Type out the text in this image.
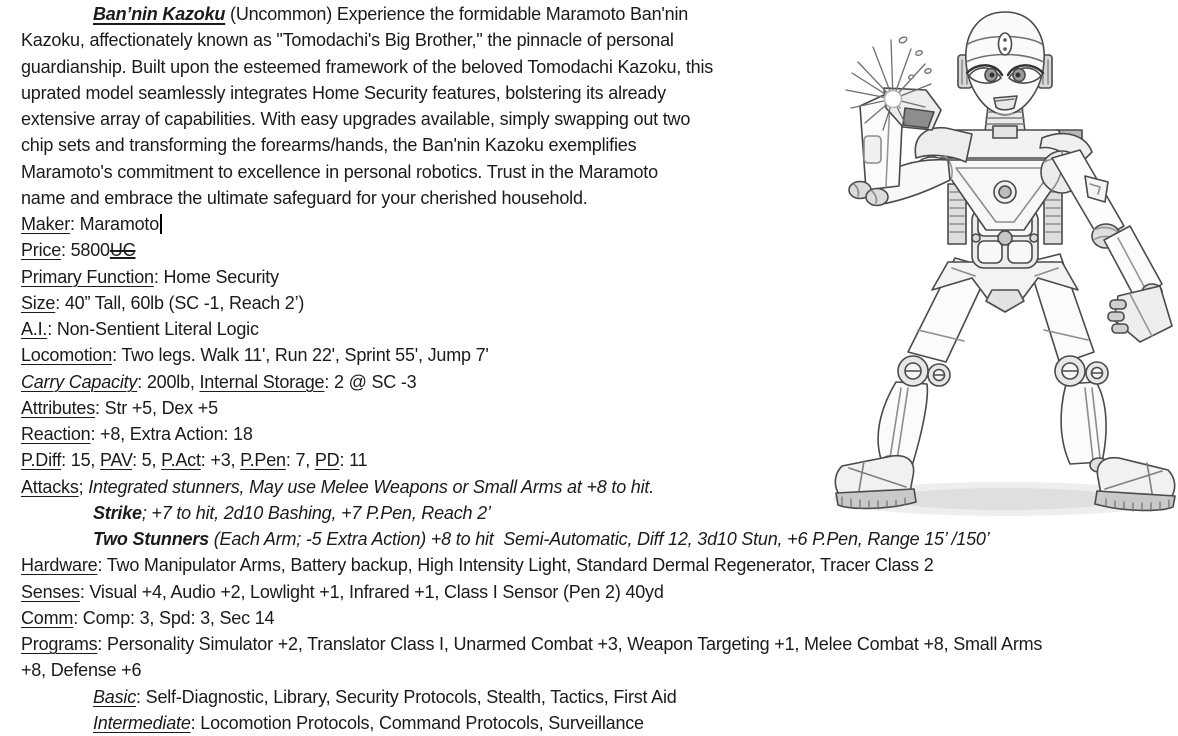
Ban’nin Kazoku (Uncommon) Experience the formidable Maramoto Ban'nin
Kazoku, affectionately known as "Tomodachi's Big Brother," the pinnacle of personal
guardianship. Built upon the esteemed framework of the beloved Tomodachi Kazoku, this
uprated model seamlessly integrates Home Security features, bolstering its already
extensive array of capabilities. With easy upgrades available, simply swapping out two
chip sets and transforming the forearms/hands, the Ban'nin Kazoku exemplifies
Maramoto's commitment to excellence in personal robotics. Trust in the Maramoto
name and embrace the ultimate safeguard for your cherished household.
Maker: Maramoto
Price: 5800UC
Primary Function: Home Security
Size: 40” Tall, 60lb (SC -1, Reach 2’)
A.I.: Non-Sentient Literal Logic
Locomotion: Two legs. Walk 11', Run 22', Sprint 55', Jump 7'
Carry Capacity: 200lb, Internal Storage: 2 @ SC -3
Attributes: Str +5, Dex +5
Reaction: +8, Extra Action: 18
P.Diff: 15, PAV: 5, P.Act: +3, P.Pen: 7, PD: 11
Attacks; Integrated stunners, May use Melee Weapons or Small Arms at +8 to hit.
Strike; +7 to hit, 2d10 Bashing, +7 P.Pen, Reach 2’
Two Stunners (Each Arm; -5 Extra Action) +8 to hit  Semi-Automatic, Diff 12, 3d10 Stun, +6 P.Pen, Range 15’ /150’
Hardware: Two Manipulator Arms, Battery backup, High Intensity Light, Standard Dermal Regenerator, Tracer Class 2
Senses: Visual +4, Audio +2, Lowlight +1, Infrared +1, Class I Sensor (Pen 2) 40yd
Comm: Comp: 3, Spd: 3, Sec 14
Programs: Personality Simulator +2, Translator Class I, Unarmed Combat +3, Weapon Targeting +1, Melee Combat +8, Small Arms
+8, Defense +6
Basic: Self-Diagnostic, Library, Security Protocols, Stealth, Tactics, First Aid
Intermediate: Locomotion Protocols, Command Protocols, Surveillance
